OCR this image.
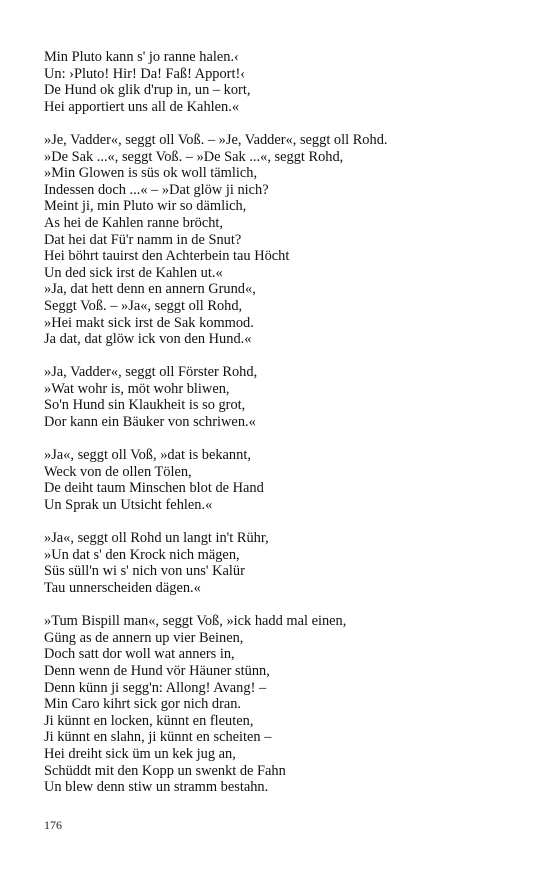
Min Pluto kann s' jo ranne halen.‹
Un: ›Pluto! Hir! Da! Faß! Apport!‹
De Hund ok glik d'rup in, un – kort,
Hei apportiert uns all de Kahlen.«
»Je, Vadder«, seggt oll Voß. – »Je, Vadder«, seggt oll Rohd.
»De Sak ...«, seggt Voß. – »De Sak ...«, seggt Rohd,
»Min Glowen is süs ok woll tämlich,
Indessen doch ...« – »Dat glöw ji nich?
Meint ji, min Pluto wir so dämlich,
As hei de Kahlen ranne bröcht,
Dat hei dat Fü'r namm in de Snut?
Hei böhrt tauirst den Achterbein tau Höcht
Un ded sick irst de Kahlen ut.«
»Ja, dat hett denn en annern Grund«,
Seggt Voß. – »Ja«, seggt oll Rohd,
»Hei makt sick irst de Sak kommod.
Ja dat, dat glöw ick von den Hund.«
»Ja, Vadder«, seggt oll Förster Rohd,
»Wat wohr is, möt wohr bliwen,
So'n Hund sin Klaukheit is so grot,
Dor kann ein Bäuker von schriwen.«
»Ja«, seggt oll Voß, »dat is bekannt,
Weck von de ollen Tölen,
De deiht taum Minschen blot de Hand
Un Sprak un Utsicht fehlen.«
»Ja«, seggt oll Rohd un langt in't Rühr,
»Un dat s' den Krock nich mägen,
Süs süll'n wi s' nich von uns' Kalür
Tau unnerscheiden dägen.«
»Tum Bispill man«, seggt Voß, »ick hadd mal einen,
Güng as de annern up vier Beinen,
Doch satt dor woll wat anners in,
Denn wenn de Hund vör Häuner stünn,
Denn künn ji segg'n: Allong! Avang! –
Min Caro kihrt sick gor nich dran.
Ji künnt en locken, künnt en fleuten,
Ji künnt en slahn, ji künnt en scheiten –
Hei dreiht sick üm un kek jug an,
Schüddt mit den Kopp un swenkt de Fahn
Un blew denn stiw un stramm bestahn.
176
